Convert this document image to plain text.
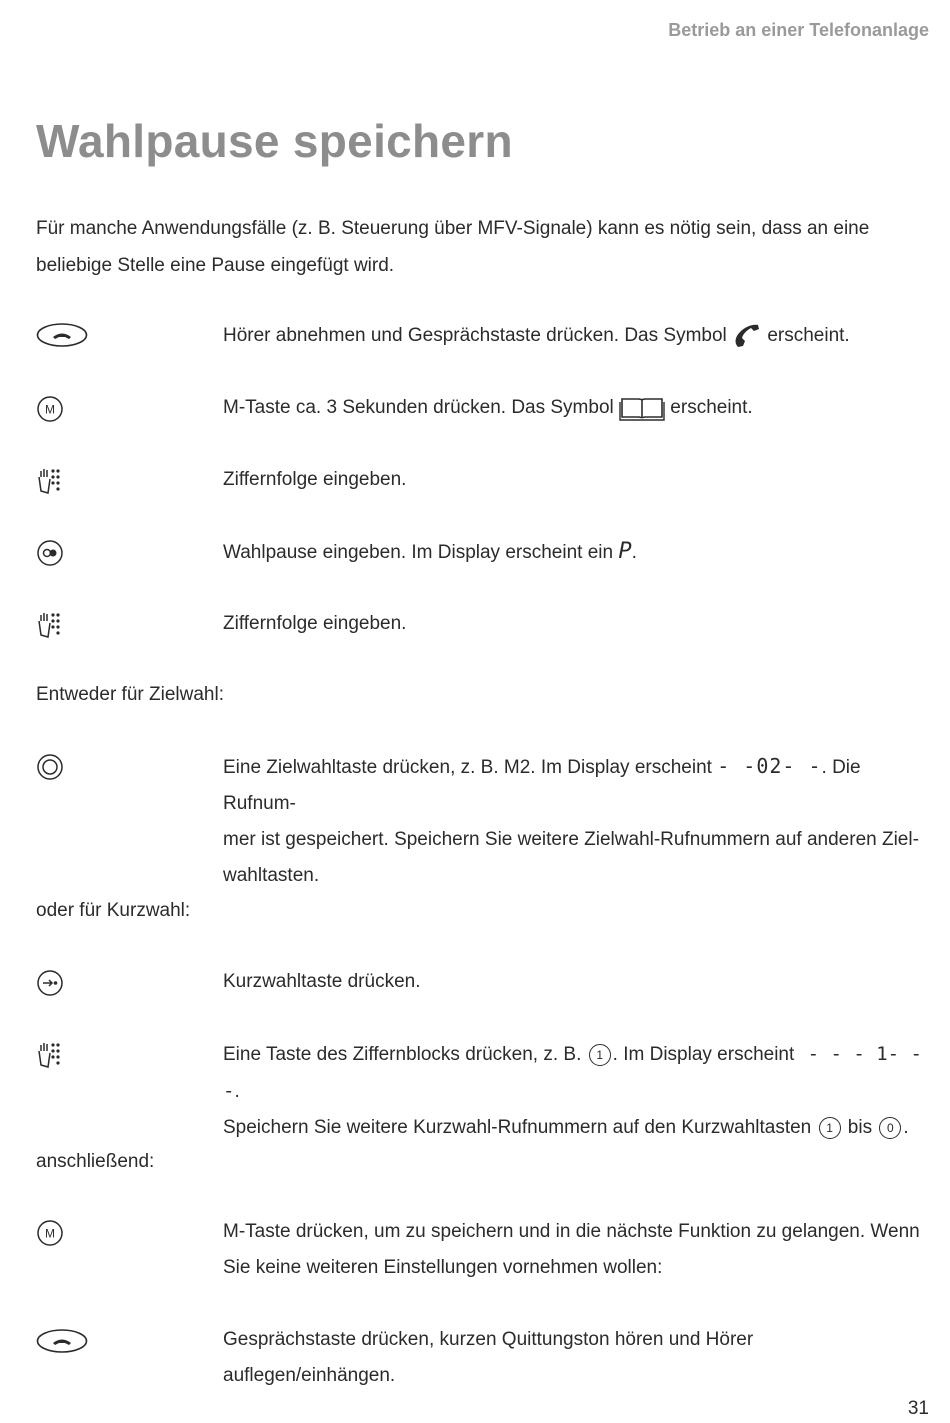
Betrieb an einer Telefonanlage
Wahlpause speichern
Für manche Anwendungsfälle (z. B. Steuerung über MFV-Signale) kann es nötig sein, dass an eine beliebige Stelle eine Pause eingefügt wird.
Hörer abnehmen und Gesprächstaste drücken. Das Symbol  erscheint.
M	M-Taste ca. 3 Sekunden drücken. Das Symbol  erscheint.
Ziffernfolge eingeben.
Wahlpause eingeben. Im Display erscheint ein P.
Ziffernfolge eingeben.
Entweder für Zielwahl:
Eine Zielwahltaste drücken, z. B. M2. Im Display erscheint - -02- -. Die Rufnum-
mer ist gespeichert. Speichern Sie weitere Zielwahl-Rufnummern auf anderen Ziel-
wahltasten.
oder für Kurzwahl:
Kurzwahltaste drücken.
Eine Taste des Ziffernblocks drücken, z. B. 1 . Im Display erscheint - - - 1- - -.
Speichern Sie weitere Kurzwahl-Rufnummern auf den Kurzwahltasten 1 bis 0 .
anschließend:
M	M-Taste drücken, um zu speichern und in die nächste Funktion zu gelangen. Wenn
Sie keine weiteren Einstellungen vornehmen wollen:
Gesprächstaste drücken, kurzen Quittungston hören und Hörer auflegen/einhängen.
31
